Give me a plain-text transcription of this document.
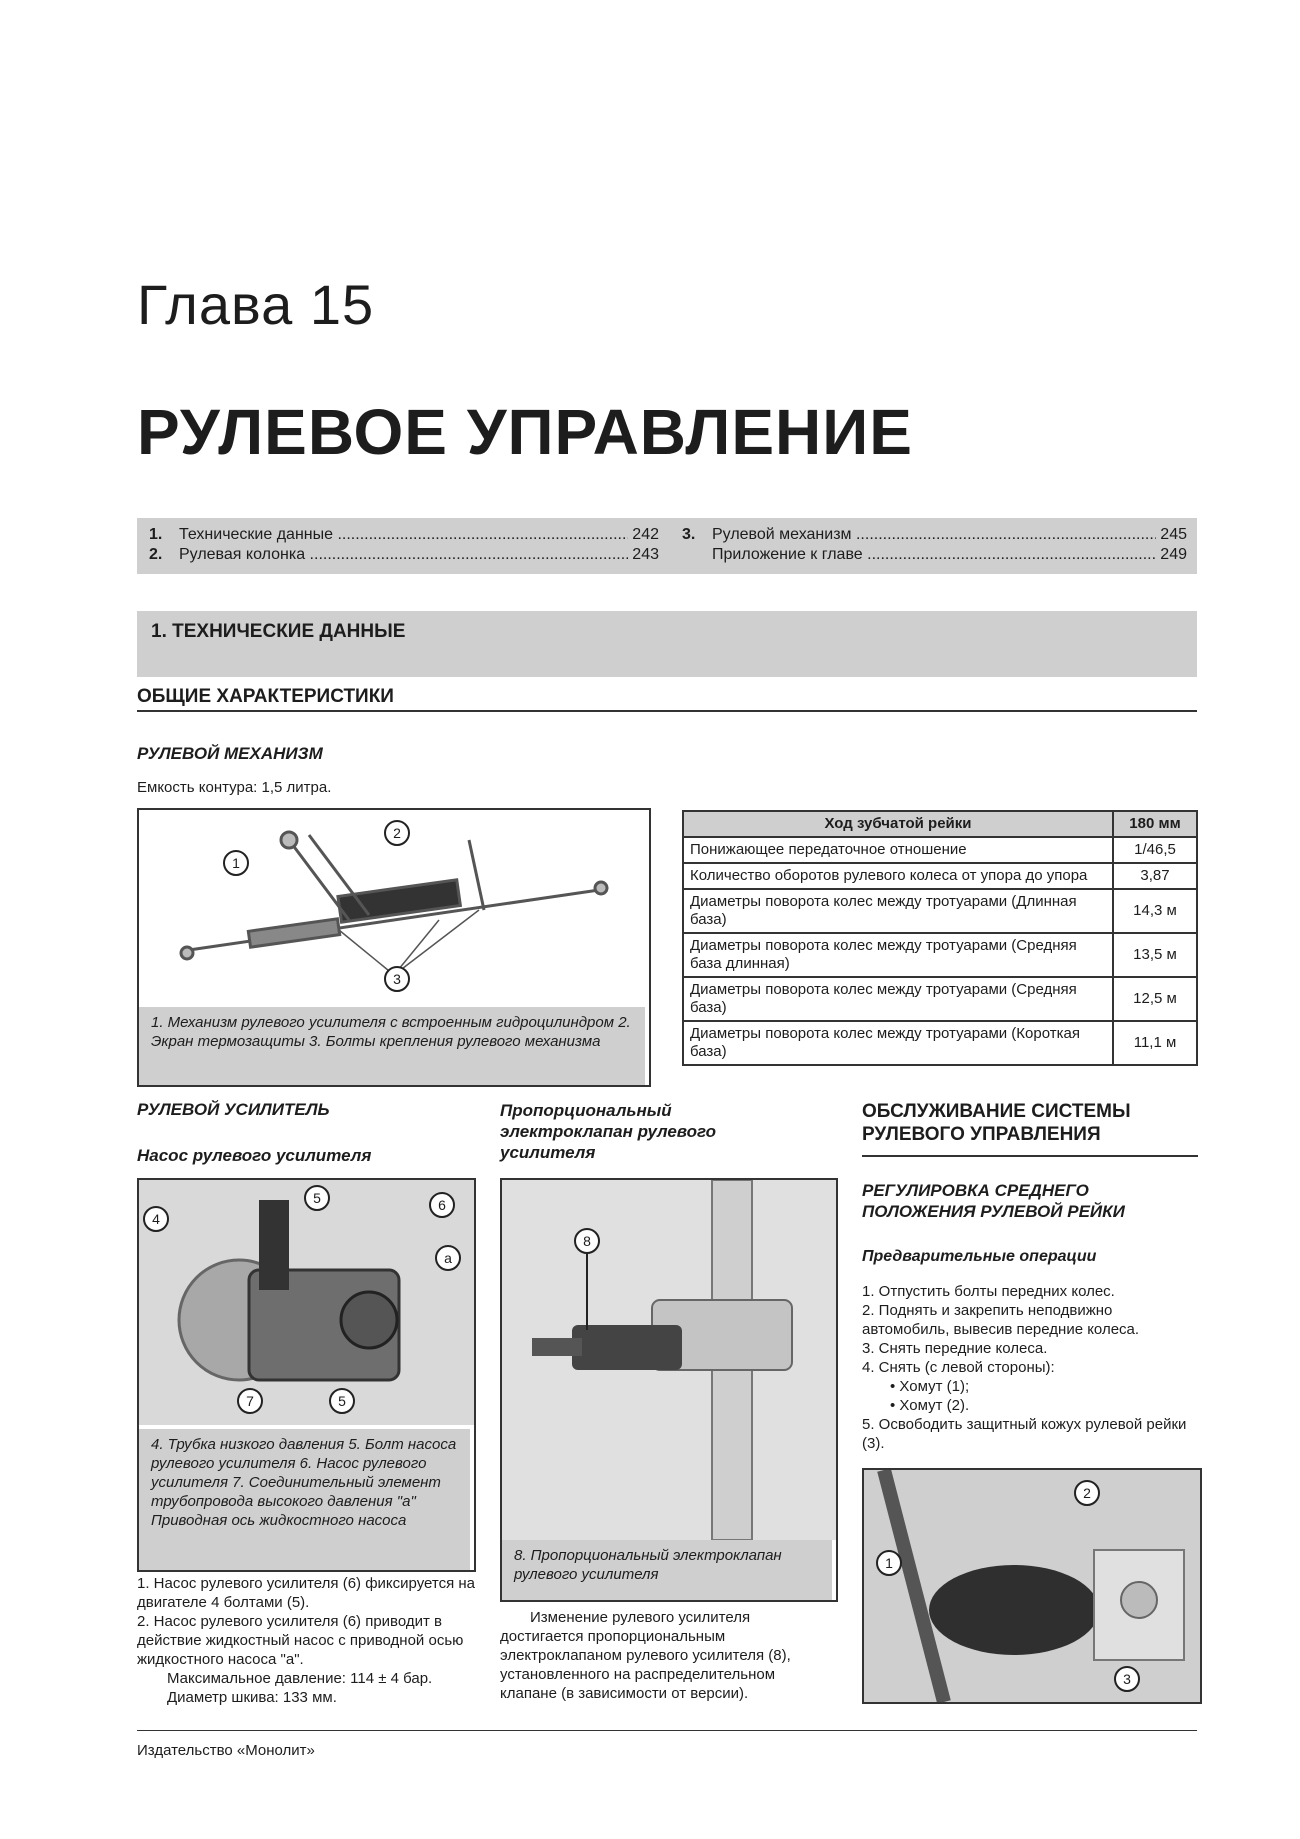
Глава 15
РУЛЕВОЕ УПРАВЛЕНИЕ
1.	Технические данные .....	242
2.	Рулевая колонка .....	243
3.	Рулевой механизм .....	245
Приложение к главе .....	249
1. ТЕХНИЧЕСКИЕ ДАННЫЕ
ОБЩИЕ ХАРАКТЕРИСТИКИ
РУЛЕВОЙ МЕХАНИЗМ
Емкость контура: 1,5 литра.
1
2
3
1. Механизм рулевого усилителя с встроенным гидроцилиндром 2. Экран термозащиты 3. Болты крепления рулевого механизма
Ход зубчатой рейки	180 мм
Понижающее передаточное отношение	1/46,5
Количество оборотов рулевого колеса от упора до упора	3,87
Диаметры поворота колес между тротуарами (Длинная база)	14,3 м
Диаметры поворота колес между тротуарами (Средняя база длинная)	13,5 м
Диаметры поворота колес между тротуарами (Средняя база)	12,5 м
Диаметры поворота колес между тротуарами (Короткая база)	11,1 м
РУЛЕВОЙ УСИЛИТЕЛЬ
Насос рулевого усилителя
4
5	6
a
7	5
4. Трубка низкого давления 5. Болт насоса рулевого усилителя 6. Насос рулевого усилителя 7. Соединительный элемент трубопровода высокого давления "а" Приводная ось жидкостного насоса
1. Насос рулевого усилителя (6) фиксируется на двигателе 4 болтами (5).
2. Насос рулевого усилителя (6) приводит в действие жидкостный насос с приводной осью жидкостного насоса "а".
Максимальное давление: 114 ± 4 бар.
Диаметр шкива: 133 мм.
Пропорциональный электроклапан рулевого усилителя
8
8. Пропорциональный электроклапан рулевого усилителя
Изменение рулевого усилителя достигается пропорциональным электроклапаном рулевого усилителя (8), установленного на распределительном клапане (в зависимости от версии).
ОБСЛУЖИВАНИЕ СИСТЕМЫ РУЛЕВОГО УПРАВЛЕНИЯ
РЕГУЛИРОВКА СРЕДНЕГО ПОЛОЖЕНИЯ РУЛЕВОЙ РЕЙКИ
Предварительные операции
1. Отпустить болты передних колес.
2. Поднять и закрепить неподвижно автомобиль, вывесив передние колеса.
3. Снять передние колеса.
4. Снять (с левой стороны):
• Хомут (1);
• Хомут (2).
5. Освободить защитный кожух рулевой рейки (3).
1
2
3
Издательство «Монолит»
